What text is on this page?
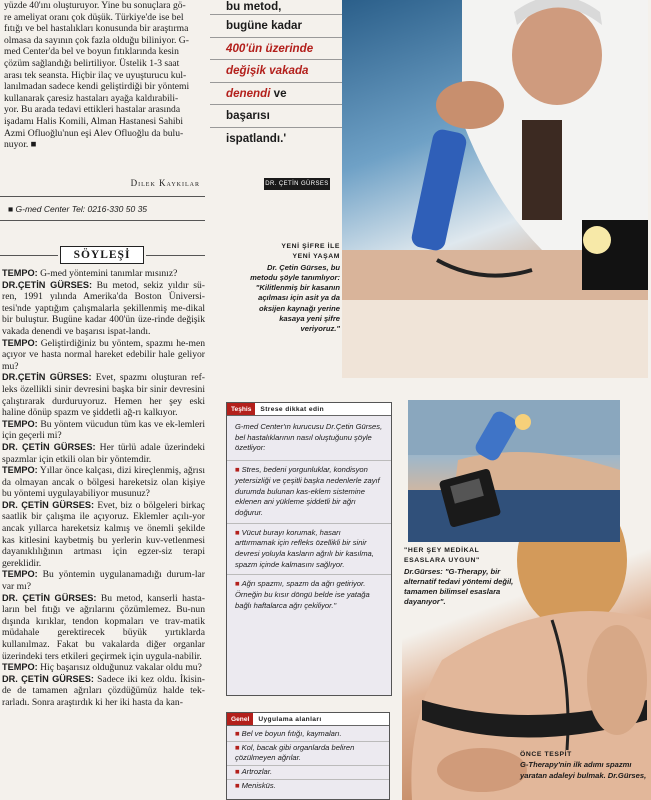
yüzde 40'ını oluşturuyor. Yine bu sonuçlara gö-
re ameliyat oranı çok düşük. Türkiye'de ise bel
fıtığı ve bel hastalıkları konusunda bir araştırma
olmasa da sayının çok fazla olduğu biliniyor. G-
med Center'da bel ve boyun fıtıklarında kesin
çözüm sağlandığı belirtiliyor. Üstelik 1-3 saat
arası tek seansta. Hiçbir ilaç ve uyuşturucu kul-
lanılmadan sadece kendi geliştirdiği bir yöntemi
kullanarak çaresiz hastaları ayağa kaldırabili-
yor. Bu arada tedavi ettikleri hastalar arasında
işadamı Halis Komili, Alman Hastanesi Sahibi
Azmi Ofluoğlu'nun eşi Alev Ofluoğlu da bulu-
nuyor. ■
Dilek Kaykılar
■ G-med Center Tel: 0216-330 50 35
SÖYLEŞİ

TEMPO: G-med yöntemini tanımlar mısınız?

DR.ÇETİN GÜRSES: Bu metod, sekiz yıldır sü-ren, 1991 yılında Amerika'da Boston Üniversi-tesi'nde yaptığım çalışmalarla şekillenmiş me-dikal bir buluştur. Bugüne kadar 400'ün üze-rinde değişik vakada denendi ve başarısı ispat-landı.

TEMPO: Geliştirdiğiniz bu yöntem, spazmı he-men açıyor ve hasta normal hareket edebilir hale geliyor mu?

DR.ÇETİN GÜRSES: Evet, spazmı oluşturan ref-leks özellikli sinir devresini başka bir sinir devresini çalıştırarak durduruyoruz. Hemen her şey eski haline dönüp spazm ve şiddetli ağ-rı kalkıyor.

TEMPO: Bu yöntem vücudun tüm kas ve ek-lemleri için geçerli mi?

DR. ÇETİN GÜRSES: Her türlü adale üzerindeki spazmlar için etkili olan bir yöntemdir.

TEMPO: Yıllar önce kalçası, dizi kireçlenmiş, ağrısı da olmayan ancak o bölgesi hareketsiz olan kişiye bu yöntemi uygulayabiliyor musunuz?

DR. ÇETİN GÜRSES: Evet, biz o bölgeleri birkaç saatlik bir çalışma ile açıyoruz. Eklemler açılı-yor ancak yıllarca hareketsiz kalmış ve önemli şekilde kas kitlesini kaybetmiş bu yerlerin kuv-vetlenmesi dayanıklılığının artması için egzer-siz terapi gereklidir.

TEMPO: Bu yöntemin uygulanamadığı durum-lar var mı?

DR. ÇETİN GÜRSES: Bu metod, kanserli hasta-ların bel fıtığı ve ağrılarını çözümlemez. Bu-nun dışında kırıklar, tendon kopmaları ve trav-matik müdahale gerektirecek büyük yırtıklarda kullanılmaz. Fakat bu vakalarda diğer organlar üzerindeki ters etkileri geçirmek için uygula-nabilir.

TEMPO: Hiç başarısız olduğunuz vakalar oldu mu?

DR. ÇETİN GÜRSES: Sadece iki kez oldu. İkisin-de de tamamen ağrıları çözdüğümüz halde tek-rarladı. Sonra araştırdık ki her iki hasta da kan-

bu metod,
bugüne kadar
400'ün üzerinde
değişik vakada
denendi ve
başarısı
ispatlandı.'
DR. ÇETİN GÜRSES
YENİ ŞİFRE İLE
YENİ YAŞAM
Dr. Çetin Gürses, bu metodu şöyle tanımlıyor: "Kilitlenmiş bir kasanın açılması için asit ya da oksijen kaynağı yerine kasaya yeni şifre veriyoruz."
"HER ŞEY MEDİKAL
ESASLARA UYGUN"
Dr.Gürses: "G-Therapy, bir alternatif tedavi yöntemi değil, tamamen bilimsel esaslara dayanıyor".
ÖNCE TESPİT
G-Therapy'nin ilk adımı spazmı yaratan adaleyi bulmak. Dr.Gürses,
Teşhis	Strese dikkat edin
G-med Center'ın kurucusu Dr.Çetin Gürses, bel hastalıklarının nasıl oluştuğunu şöyle özetliyor:
■ Stres, bedeni yorgunluklar, kondisyon yetersizliği ve çeşitli başka nedenlerle zayıf durumda bulunan kas-eklem sistemine eklenen ani yükleme şiddetli bir ağrı doğurur.
■ Vücut burayı korumak, hasarı arttırmamak için refleks özellikli bir sinir devresi yoluyla kasların ağrılı bir kasılma, spazm içinde kalmasını sağlıyor.
■ Ağrı spazmı, spazm da ağrı getiriyor. Örneğin bu kısır döngü belde ise yatağa bağlı haftalarca ağrı çekiliyor."
Genel	Uygulama alanları
■ Bel ve boyun fıtığı, kaymaları.
■ Kol, bacak gibi organlarda beliren çözülmeyen ağrılar.
■ Artrozlar.
■ Menisküs.
